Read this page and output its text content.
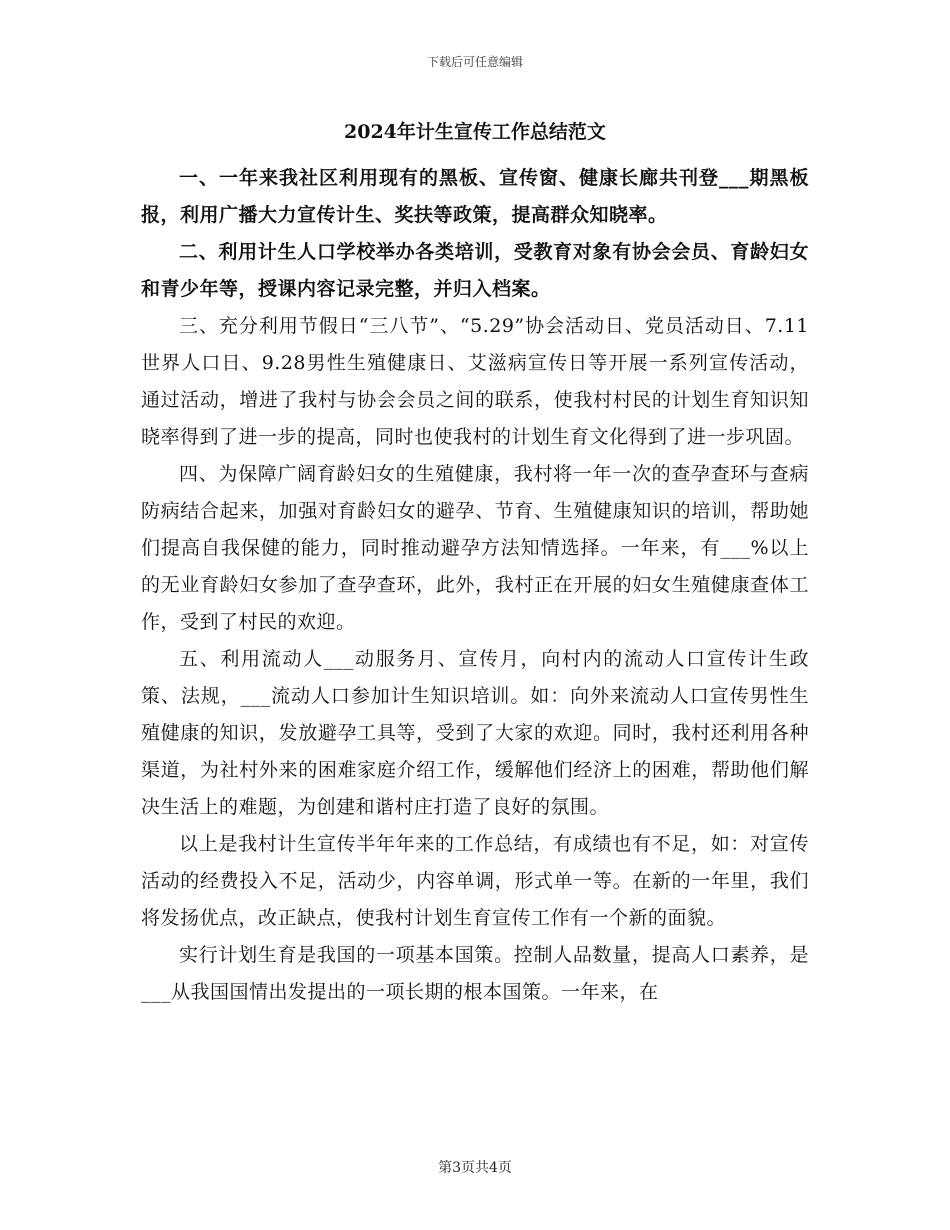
下载后可任意编辑
2024年计生宣传工作总结范文

一、一年来我社区利用现有的黑板、宣传窗、健康长廊共刊登___期黑板报，利用广播大力宣传计生、奖扶等政策，提高群众知晓率。

二、利用计生人口学校举办各类培训，受教育对象有协会会员、育龄妇女和青少年等，授课内容记录完整，并归入档案。

三、充分利用节假日“三八节”、“5.29”协会活动日、党员活动日、7.11世界人口日、9.28男性生殖健康日、艾滋病宣传日等开展一系列宣传活动，通过活动，增进了我村与协会会员之间的联系，使我村村民的计划生育知识知晓率得到了进一步的提高，同时也使我村的计划生育文化得到了进一步巩固。

四、为保障广阔育龄妇女的生殖健康，我村将一年一次的查孕查环与查病防病结合起来，加强对育龄妇女的避孕、节育、生殖健康知识的培训，帮助她们提高自我保健的能力，同时推动避孕方法知情选择。一年来，有___%以上的无业育龄妇女参加了查孕查环，此外，我村正在开展的妇女生殖健康查体工作，受到了村民的欢迎。

五、利用流动人___动服务月、宣传月，向村内的流动人口宣传计生政策、法规，___流动人口参加计生知识培训。如：向外来流动人口宣传男性生殖健康的知识，发放避孕工具等，受到了大家的欢迎。同时，我村还利用各种渠道，为社村外来的困难家庭介绍工作，缓解他们经济上的困难，帮助他们解决生活上的难题，为创建和谐村庄打造了良好的氛围。

以上是我村计生宣传半年年来的工作总结，有成绩也有不足，如：对宣传活动的经费投入不足，活动少，内容单调，形式单一等。在新的一年里，我们将发扬优点，改正缺点，使我村计划生育宣传工作有一个新的面貌。

实行计划生育是我国的一项基本国策。控制人品数量，提高人口素养，是___从我国国情出发提出的一项长期的根本国策。一年来，在

第3页共4页
